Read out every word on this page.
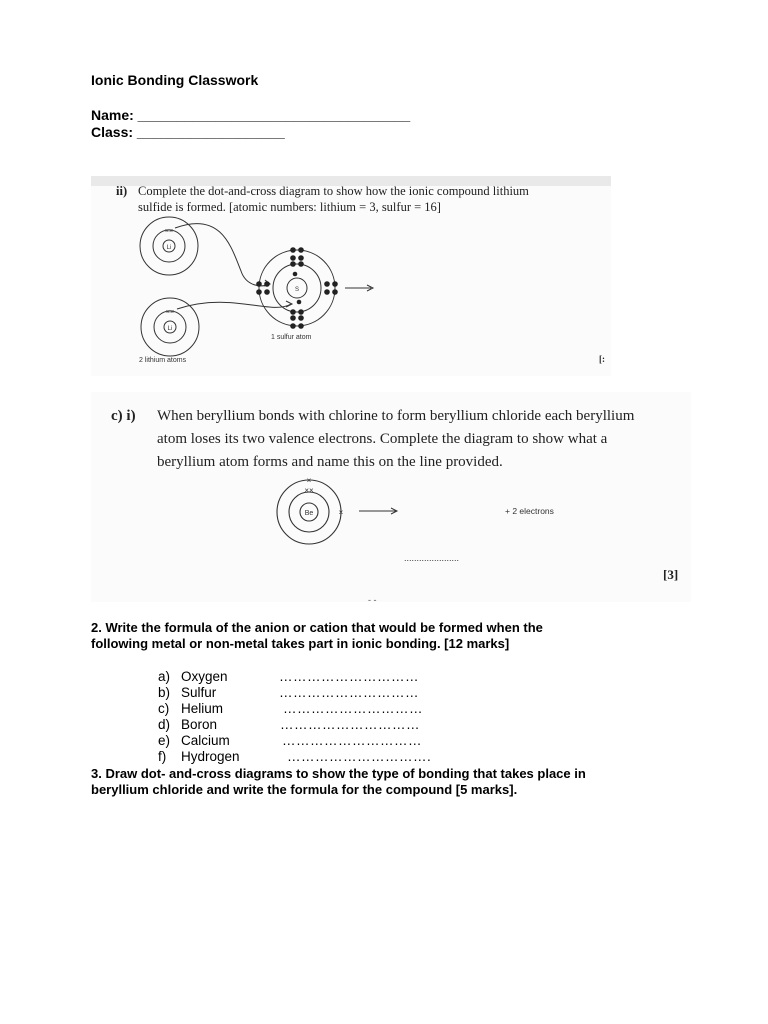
Ionic Bonding Classwork
Name: ___________________________________
Class: ___________________
ii) Complete the dot-and-cross diagram to show how the ionic compound lithium
sulfide is formed. [atomic numbers: lithium = 3, sulfur = 16]
Li
××
Li
××
S
1 sulfur atom
2 lithium atoms	[:
c) i) When beryllium bonds with chlorine to form beryllium chloride each beryllium
atom loses its two valence electrons. Complete the diagram to show what a
beryllium atom forms and name this on the line provided.
Be
×
××
×	+ 2 electrons
......................
[3]
- -
2. Write the formula of the anion or cation that would be formed when the
following metal or non-metal takes part in ionic bonding. [12 marks]
a) Oxygen	…………………………
b) Sulfur	…………………………
c) Helium	…………………………
d) Boron	…………………………
e) Calcium	…………………………
f) Hydrogen	………………………….
3. Draw dot- and-cross diagrams to show the type of bonding that takes place in
beryllium chloride and write the formula for the compound [5 marks].
